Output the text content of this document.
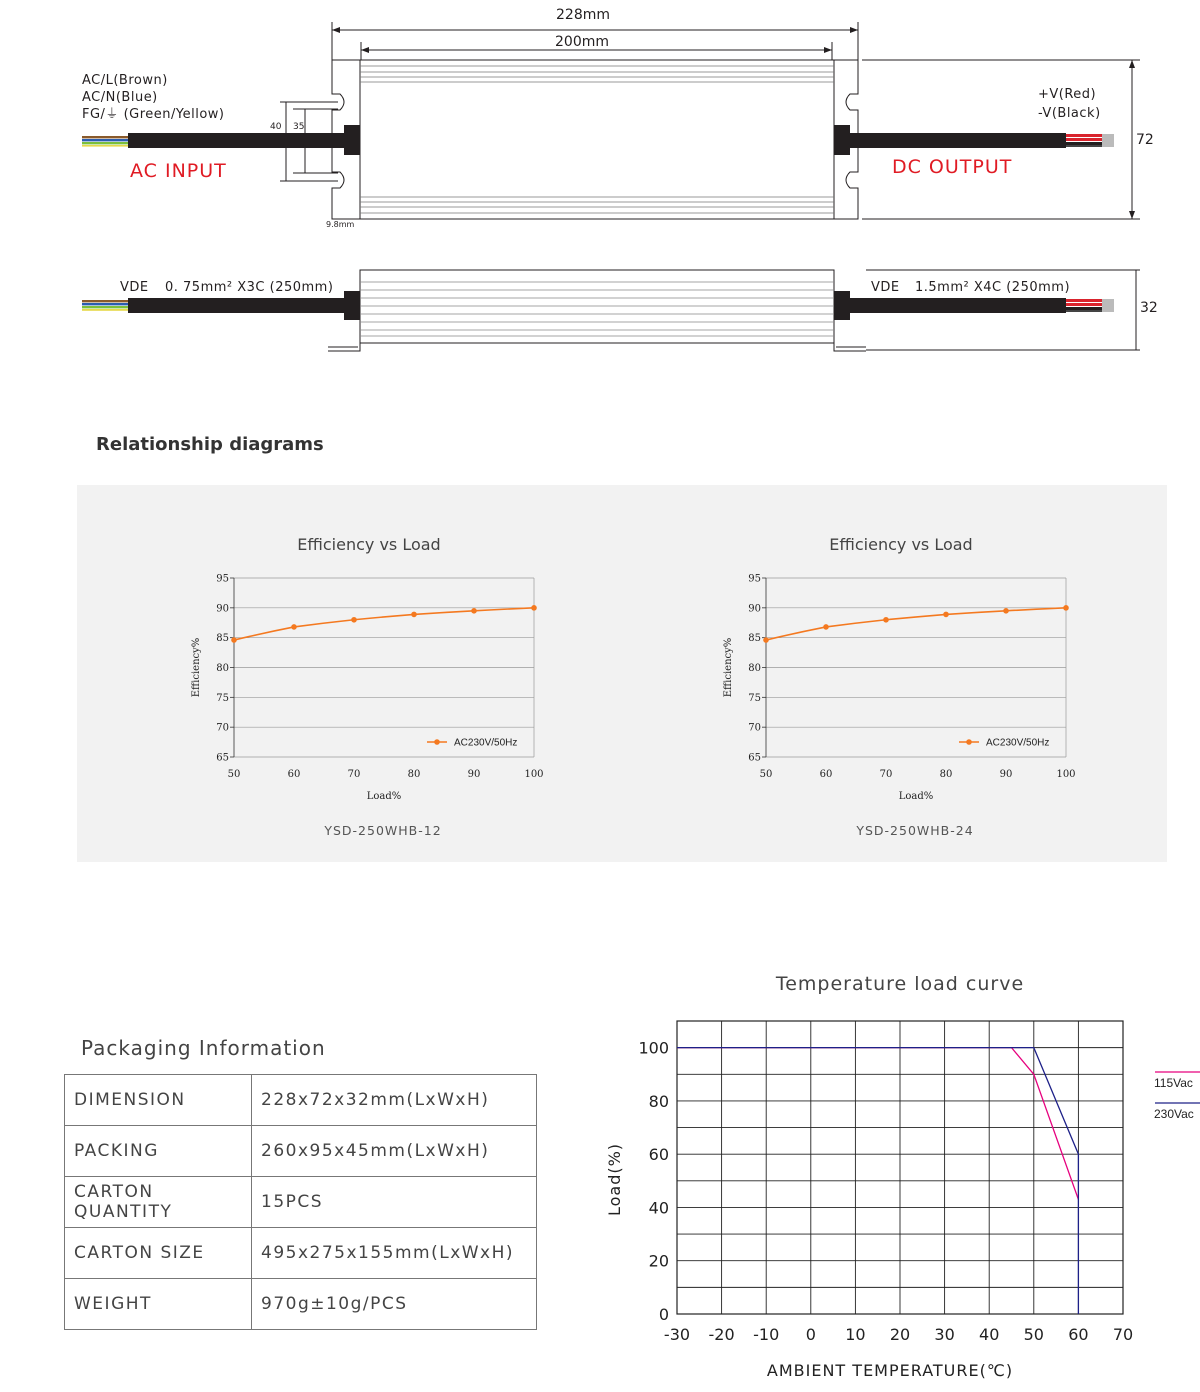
228mm
200mm
72
40 35
9.8mm
AC/L(Brown)
AC/N(Blue)
FG/⏚ (Green/Yellow)
+V(Red)
-V(Black)
AC INPUT	DC OUTPUT
32
VDE 0. 75mm² X3C (250mm)	VDE 1.5mm² X4C (250mm)
Relationship diagrams
Efficiency vs Load
65
70
75
80
85
90
95
50	60	70	80	90	100
Load%
Efficiency%
AC230V/50Hz
YSD-250WHB-12
Efficiency vs Load
65
70
75
80
85
90
95
50	60	70	80	90	100
Load%
Efficiency%
AC230V/50Hz
YSD-250WHB-24
Packaging Information
DIMENSION	228x72x32mm(LxWxH)
PACKING	260x95x45mm(LxWxH)
CARTON QUANTITY	15PCS
CARTON SIZE	495x275x155mm(LxWxH)
WEIGHT	970g±10g/PCS
Temperature load curve
-30 -20 -10 0 10 20 30 40 50 60 70
0
20
40
60
80
100
AMBIENT TEMPERATURE(℃)
Load(%)
115Vac
230Vac
